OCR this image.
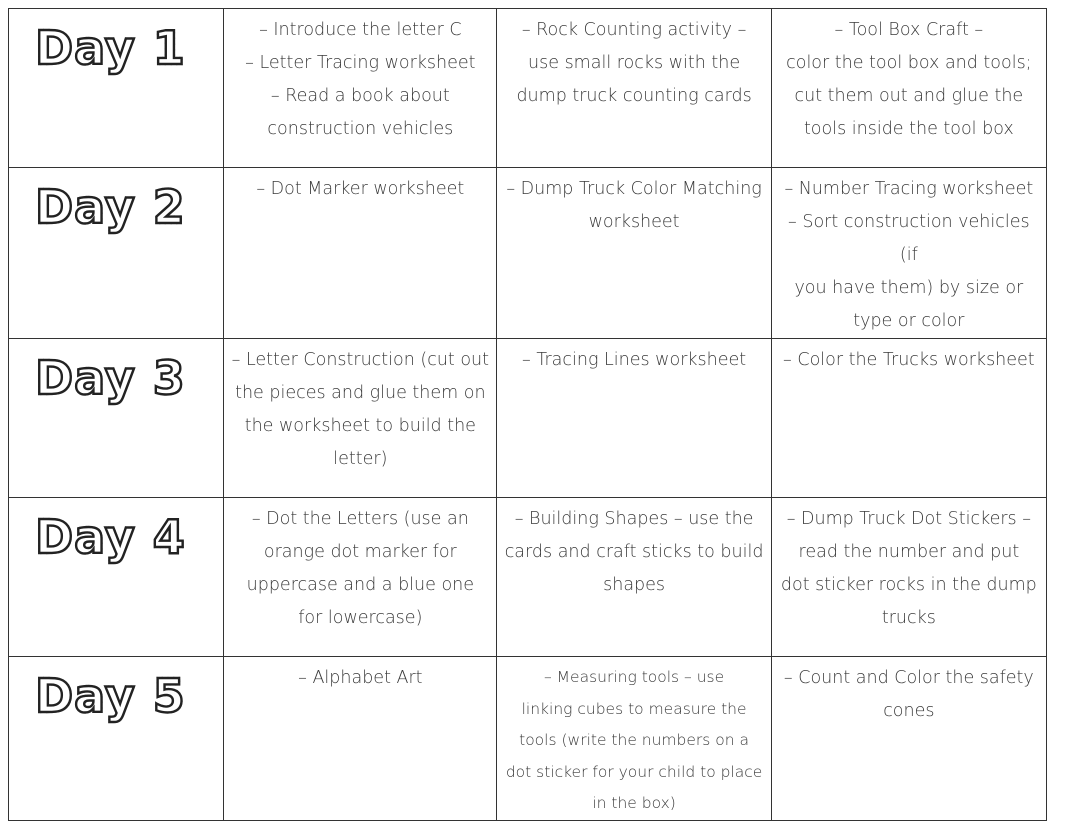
Day 1	– Introduce the letter C
– Letter Tracing worksheet
– Read a book about
construction vehicles	– Rock Counting activity –
use small rocks with the
dump truck counting cards	– Tool Box Craft –
color the tool box and tools;
cut them out and glue the
tools inside the tool box

Day 2	– Dot Marker worksheet	– Dump Truck Color Matching
worksheet	– Number Tracing worksheet
– Sort construction vehicles (if
you have them) by size or
type or color

Day 3	– Letter Construction (cut out
the pieces and glue them on
the worksheet to build the
letter)	– Tracing Lines worksheet	– Color the Trucks worksheet

Day 4	– Dot the Letters (use an
orange dot marker for
uppercase and a blue one
for lowercase)	– Building Shapes – use the
cards and craft sticks to build
shapes	– Dump Truck Dot Stickers –
read the number and put
dot sticker rocks in the dump
trucks

Day 5	– Alphabet Art	– Measuring tools – use
linking cubes to measure the
tools (write the numbers on a
dot sticker for your child to place
in the box)	– Count and Color the safety
cones
